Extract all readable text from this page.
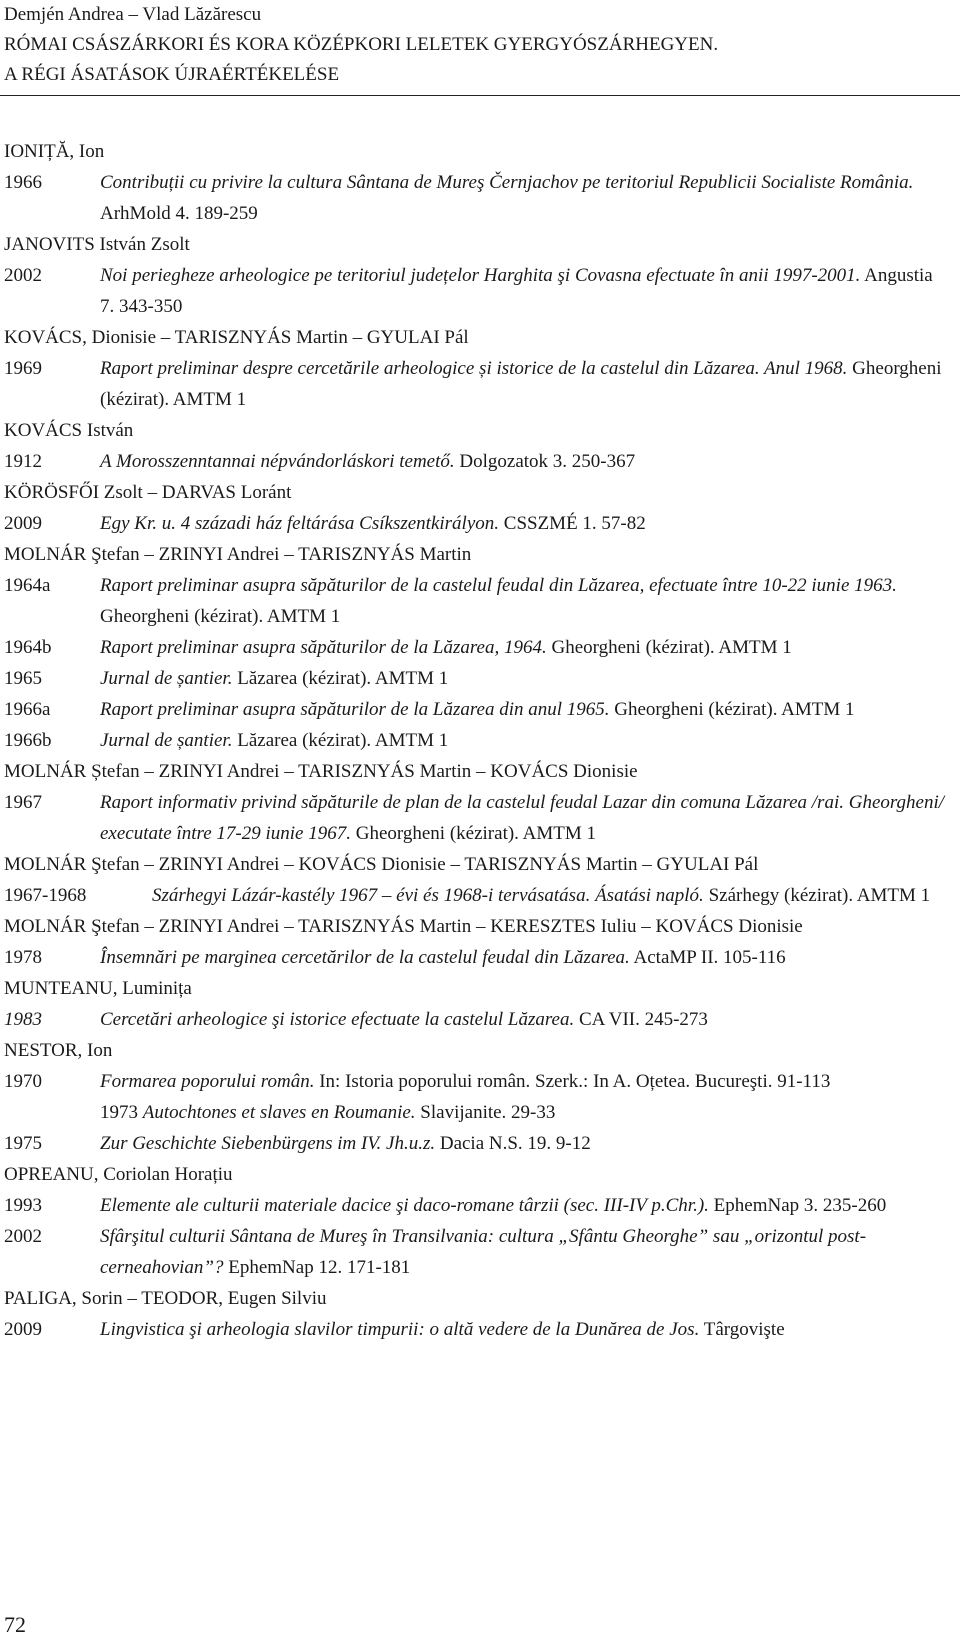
Demjén Andrea – Vlad Lăzărescu
RÓMAI CSÁSZÁRKORI ÉS KORA KÖZÉPKORI LELETEK GYERGYÓSZÁRHEGYEN.
A RÉGI ÁSATÁSOK ÚJRAÉRTÉKELÉSE
IONIȚĂ, Ion
1966	Contribuții cu privire la cultura Sântana de Mureş Černjachov pe teritoriul Republicii Socialiste România. ArhMold 4. 189-259
JANOVITS István Zsolt
2002	Noi periegheze arheologice pe teritoriul județelor Harghita şi Covasna efectuate în anii 1997-2001. Angustia 7. 343-350
KOVÁCS, Dionisie – TARISZNYÁS Martin – GYULAI Pál
1969	Raport preliminar despre cercetările arheologice și istorice de la castelul din Lăzarea. Anul 1968. Gheorgheni (kézirat). AMTM 1
KOVÁCS István
1912	A Morosszenntannai népvándorláskori temető. Dolgozatok 3. 250-367
KÖRÖSFŐI Zsolt – DARVAS Loránt
2009	Egy Kr. u. 4 századi ház feltárása Csíkszentkirályon. CSSZMÉ 1. 57-82
MOLNÁR Ştefan – ZRINYI Andrei – TARISZNYÁS Martin
1964a	Raport preliminar asupra săpăturilor de la castelul feudal din Lăzarea, efectuate între 10-22 iunie 1963. Gheorgheni (kézirat). AMTM 1
1964b	Raport preliminar asupra săpăturilor de la Lăzarea, 1964. Gheorgheni (kézirat). AMTM 1
1965	Jurnal de șantier. Lăzarea (kézirat). AMTM 1
1966a	Raport preliminar asupra săpăturilor de la Lăzarea din anul 1965. Gheorgheni (kézirat). AMTM 1
1966b	Jurnal de șantier. Lăzarea (kézirat). AMTM 1
MOLNÁR Ștefan – ZRINYI Andrei – TARISZNYÁS Martin – KOVÁCS Dionisie
1967	Raport informativ privind săpăturile de plan de la castelul feudal Lazar din comuna Lăzarea /rai. Gheorgheni/ executate între 17-29 iunie 1967. Gheorgheni (kézirat). AMTM 1
MOLNÁR Ştefan – ZRINYI Andrei – KOVÁCS Dionisie – TARISZNYÁS Martin – GYULAI Pál
1967-1968	Szárhegyi Lázár-kastély 1967 – évi és 1968-i tervásatása. Ásatási napló. Szárhegy (kézirat). AMTM 1
MOLNÁR Ştefan – ZRINYI Andrei – TARISZNYÁS Martin – KERESZTES Iuliu – KOVÁCS Dionisie
1978	Însemnări pe marginea cercetărilor de la castelul feudal din Lăzarea. ActaMP II. 105-116
MUNTEANU, Luminița
1983	Cercetări arheologice şi istorice efectuate la castelul Lăzarea. CA VII. 245-273
NESTOR, Ion
1970	Formarea poporului român. In: Istoria poporului român. Szerk.: In A. Oțetea. Bucureşti. 91-113
1973 Autochtones et slaves en Roumanie. Slavijanite. 29-33
1975	Zur Geschichte Siebenbürgens im IV. Jh.u.z. Dacia N.S. 19. 9-12
OPREANU, Coriolan Horațiu
1993	Elemente ale culturii materiale dacice şi daco-romane târzii (sec. III-IV p.Chr.). EphemNap 3. 235-260
2002	Sfârşitul culturii Sântana de Mureş în Transilvania: cultura „Sfântu Gheorghe” sau „orizontul post-cerneahovian”? EphemNap 12. 171-181
PALIGA, Sorin – TEODOR, Eugen Silviu
2009	Lingvistica şi arheologia slavilor timpurii: o altă vedere de la Dunărea de Jos. Târgovişte
72
